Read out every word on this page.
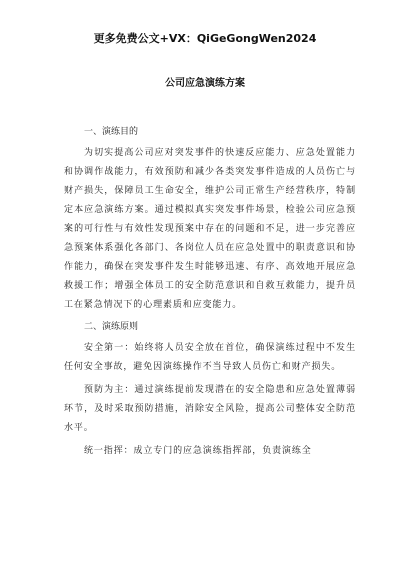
更多免费公文+VX：QiGeGongWen2024
公司应急演练方案
一、演练目的

为切实提高公司应对突发事件的快速反应能力、应急处置能力和协调作战能力，有效预防和减少各类突发事件造成的人员伤亡与财产损失，保障员工生命安全，维护公司正常生产经营秩序，特制定本应急演练方案。通过模拟真实突发事件场景，检验公司应急预案的可行性与有效性发现预案中存在的问题和不足，进一步完善应急预案体系强化各部门、各岗位人员在应急处置中的职责意识和协作能力，确保在突发事件发生时能够迅速、有序、高效地开展应急救援工作；增强全体员工的安全防范意识和自救互救能力，提升员工在紧急情况下的心理素质和应变能力。

二、演练原则

安全第一：始终将人员安全放在首位，确保演练过程中不发生任何安全事故，避免因演练操作不当导致人员伤亡和财产损失。

预防为主：通过演练提前发现潜在的安全隐患和应急处置薄弱环节，及时采取预防措施，消除安全风险，提高公司整体安全防范水平。

统一指挥：成立专门的应急演练指挥部，负责演练全
